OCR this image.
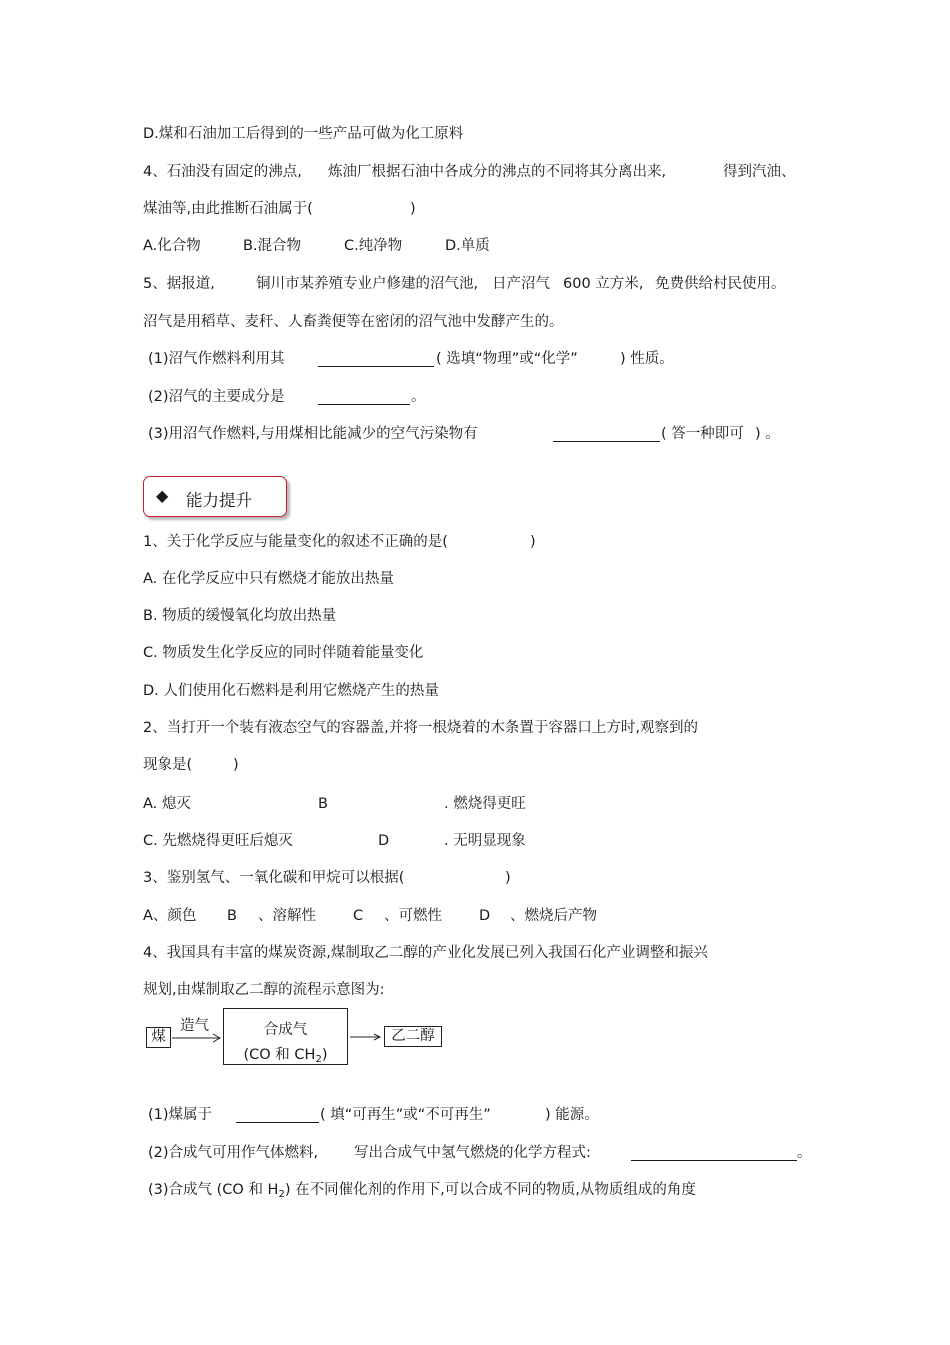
D.煤和石油加工后得到的一些产品可做为化工原料
4、石油没有固定的沸点, 炼油厂根据石油中各成分的沸点的不同将其分离出来,	得到汽油、
煤油等,由此推断石油属于(	)
A.化合物	B.混合物	C.纯净物	D.单质
5、据报道,	铜川市某养殖专业户修建的沼气池, 日产沼气 600 立方米, 免费供给村民使用。
沼气是用稻草、麦秆、人畜粪便等在密闭的沼气池中发酵产生的。
(1)沼气作燃料利用其	( 选填“物理”或“化学”	) 性质。
(2)沼气的主要成分是	。
(3)用沼气作燃料,与用煤相比能减少的空气污染物有	( 答一种即可 ) 。
◆ 能力提升
1、关于化学反应与能量变化的叙述不正确的是(	)
A. 在化学反应中只有燃烧才能放出热量
B. 物质的缓慢氧化均放出热量
C. 物质发生化学反应的同时伴随着能量变化
D. 人们使用化石燃料是利用它燃烧产生的热量
2、当打开一个装有液态空气的容器盖,并将一根烧着的木条置于容器口上方时,观察到的
现象是(	)
A. 熄灭	B	. 燃烧得更旺
C. 先燃烧得更旺后熄灭	D	. 无明显现象
3、鉴别氢气、一氧化碳和甲烷可以根据(	)
A、颜色 B 、溶解性	C 、可燃性	D 、燃烧后产物
4、我国具有丰富的煤炭资源,煤制取乙二醇的产业化发展已列入我国石化产业调整和振兴
规划,由煤制取乙二醇的流程示意图为:
煤
造气	合成气
(CO 和 $CH_2$)
乙二醇
(1)煤属于	( 填“可再生”或“不可再生”	) 能源。
(2)合成气可用作气体燃料, 写出合成气中氢气燃烧的化学方程式:	。
(3)合成气 (CO 和 $H_2$) 在不同催化剂的作用下,可以合成不同的物质,从物质组成的角度
